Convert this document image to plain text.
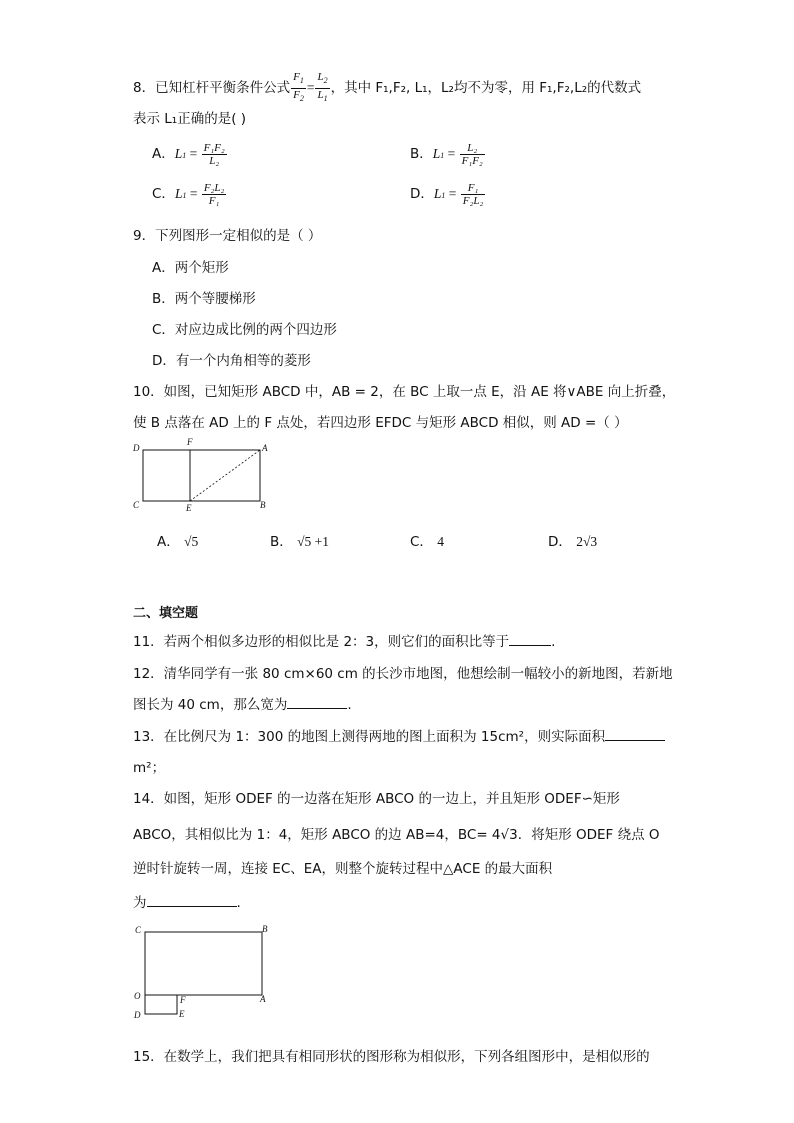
8．已知杠杆平衡条件公式 $\frac{F_1}{F_2} = \frac{L_2}{L_1}$ ，其中 F₁,F₂, L₁，L₂均不为零，用 F₁,F₂,L₂的代数式
表示 L₁正确的是( )
A．$L1 = \frac{\text{F₁F₂}}{\text{L₂}}$	B．$L1 = \frac{\text{L₂}}{\text{F₁F₂}}$
C．$L1 = \frac{\text{F₂L₂}}{\text{F₁}}$	D．$L1 = \frac{\text{F₁}}{\text{F₂L₂}}$
9．下列图形一定相似的是（ ）
A．两个矩形
B．两个等腰梯形
C．对应边成比例的两个四边形
D．有一个内角相等的菱形
10．如图，已知矩形 ABCD 中，AB = 2，在 BC 上取一点 E，沿 AE 将∨ABE 向上折叠，
使 B 点落在 AD 上的 F 点处，若四边形 EFDC 与矩形 ABCD 相似，则 AD =（ ）
D
F
A
C	E	B
A． √5	B． √5 +1	C． 4	D． 2√3
二、填空题
11．若两个相似多边形的相似比是 2：3，则它们的面积比等于	.
12．清华同学有一张 80 cm×60 cm 的长沙市地图，他想绘制一幅较小的新地图，若新地
图长为 40 cm，那么宽为	.
13．在比例尺为 1：300 的地图上测得两地的图上面积为 15cm²，则实际面积
m²；
14．如图，矩形 ODEF 的一边落在矩形 ABCO 的一边上，并且矩形 ODEF∽矩形
ABCO，其相似比为 1：4，矩形 ABCO 的边 AB=4，BC= 4√3．将矩形 ODEF 绕点 O
逆时针旋转一周，连接 EC、EA，则整个旋转过程中△ACE 的最大面积
为	.
C	B
O	F	A
D	E
15．在数学上，我们把具有相同形状的图形称为相似形，下列各组图形中，是相似形的
